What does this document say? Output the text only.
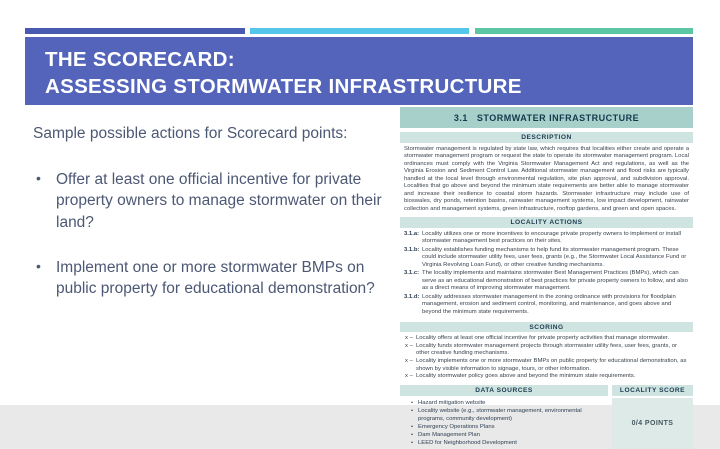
THE SCORECARD:
ASSESSING STORMWATER INFRASTRUCTURE
Sample possible actions for Scorecard points:
• Offer at least one official incentive for private property owners to manage stormwater on their land?
• Implement one or more stormwater BMPs on public property for educational demonstration?
3.1 STORMWATER INFRASTRUCTURE
DESCRIPTION
Stormwater management is regulated by state law, which requires that localities either create and operate a stormwater management program or request the state to operate its stormwater management program. Local ordinances must comply with the Virginia Stormwater Management Act and regulations, as well as the Virginia Erosion and Sediment Control Law. Additional stormwater management and flood risks are typically handled at the local level through environmental regulation, site plan approval, and subdivision approval. Localities that go above and beyond the minimum state requirements are better able to manage stormwater and increase their resilience to coastal storm hazards. Stormwater infrastructure may include use of bioswales, dry ponds, retention basins, rainwater management systems, low impact development, rainwater collection and management systems, green infrastructure, rooftop gardens, and green and open spaces.
LOCALITY ACTIONS
3.1.a: Locality utilizes one or more incentives to encourage private property owners to implement or install stormwater management best practices on their sites.
3.1.b: Locality establishes funding mechanisms to help fund its stormwater management program. These could include stormwater utility fees, user fees, grants (e.g., the Stormwater Local Assistance Fund or Virginia Revolving Loan Fund), or other creative funding mechanisms.
3.1.c: The locality implements and maintains stormwater Best Management Practices (BMPs), which can serve as an educational demonstration of best practices for private property owners to follow, and also as a direct means of improving stormwater management.
3.1.d: Locality addresses stormwater management in the zoning ordinance with provisions for floodplain management, erosion and sediment control, monitoring, and maintenance, and goes above and beyond the minimum state requirements.
SCORING
x – Locality offers at least one official incentive for private property activities that manage stormwater.
x – Locality funds stormwater management projects through stormwater utility fees, user fees, grants, or other creative funding mechanisms.
x – Locality implements one or more stormwater BMPs on public property for educational demonstration, as shown by visible information to signage, tours, or other information.
x – Locality stormwater policy goes above and beyond the minimum state requirements.
DATA SOURCES
• Hazard mitigation website
• Locality website (e.g., stormwater management, environmental programs, community development)
• Emergency Operations Plans
• Dam Management Plan
• LEED for Neighborhood Development
LOCALITY SCORE
0/4 POINTS
